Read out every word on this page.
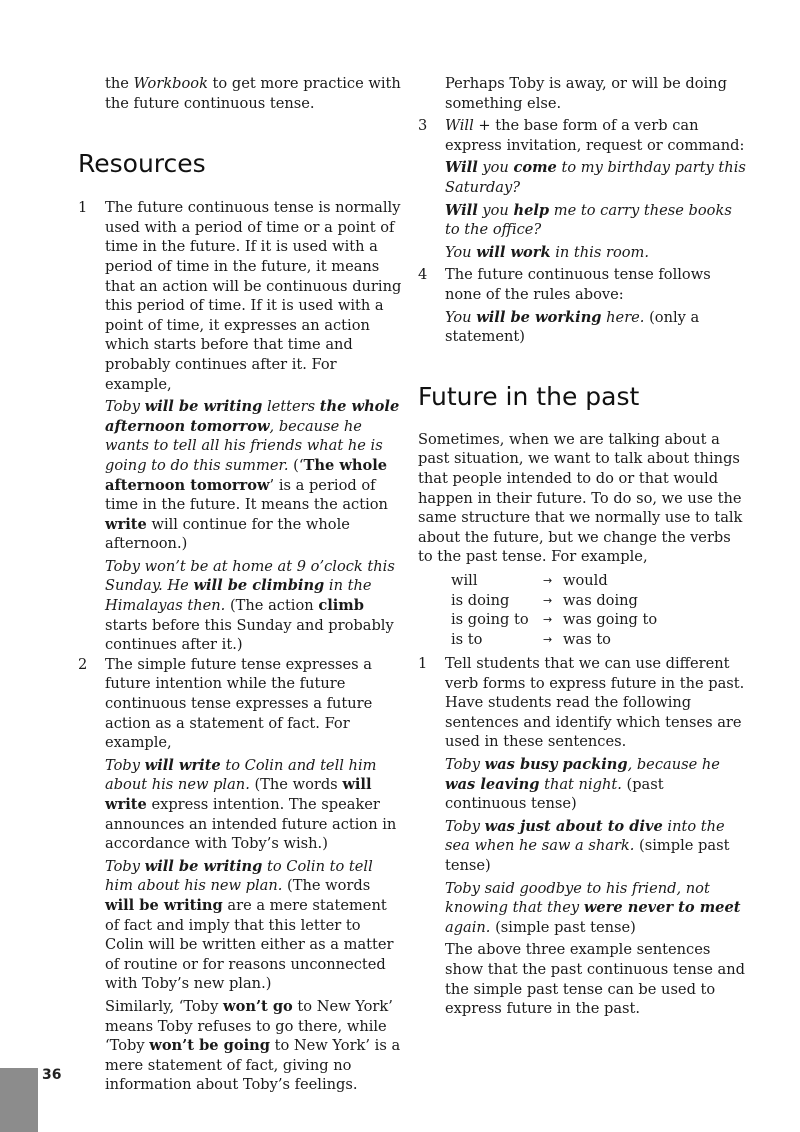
the Workbook to get more practice with the future continuous tense.

Resources
1 The future continuous tense is normally used with a period of time or a point of time in the future. If it is used with a period of time in the future, it means that an action will be continuous during this period of time. If it is used with a point of time, it expresses an action which starts before that time and probably continues after it. For example,

Toby will be writing letters the whole afternoon tomorrow, because he wants to tell all his friends what he is going to do this summer. (‘The whole afternoon tomorrow’ is a period of time in the future. It means the action write will continue for the whole afternoon.)

Toby won’t be at home at 9 o’clock this Sunday. He will be climbing in the Himalayas then. (The action climb starts before this Sunday and probably continues after it.)

2 The simple future tense expresses a future intention while the future continuous tense expresses a future action as a statement of fact. For example,

Toby will write to Colin and tell him about his new plan. (The words will write express intention. The speaker announces an intended future action in accordance with Toby’s wish.)

Toby will be writing to Colin to tell him about his new plan. (The words will be writing are a mere statement of fact and imply that this letter to Colin will be written either as a matter of routine or for reasons unconnected with Toby’s new plan.)

Similarly, ‘Toby won’t go to New York’ means Toby refuses to go there, while ‘Toby won’t be going to New York’ is a mere statement of fact, giving no information about Toby’s feelings.

Perhaps Toby is away, or will be doing something else.

3 Will + the base form of a verb can express invitation, request or command:

Will you come to my birthday party this Saturday?

Will you help me to carry these books to the office?

You will work in this room.

4 The future continuous tense follows none of the rules above:

You will be working here. (only a statement)

Future in the past

Sometimes, when we are talking about a past situation, we want to talk about things that people intended to do or that would happen in their future. To do so, we use the same structure that we normally use to talk about the future, but we change the verbs to the past tense. For example,

will	→	would
is doing	→	was doing
is going to	→	was going to
is to	→	was to
1 Tell students that we can use different verb forms to express future in the past. Have students read the following sentences and identify which tenses are used in these sentences.

Toby was busy packing, because he was leaving that night. (past continuous tense)

Toby was just about to dive into the sea when he saw a shark. (simple past tense)

Toby said goodbye to his friend, not knowing that they were never to meet again. (simple past tense)

The above three example sentences show that the past continuous tense and the simple past tense can be used to express future in the past.

36
